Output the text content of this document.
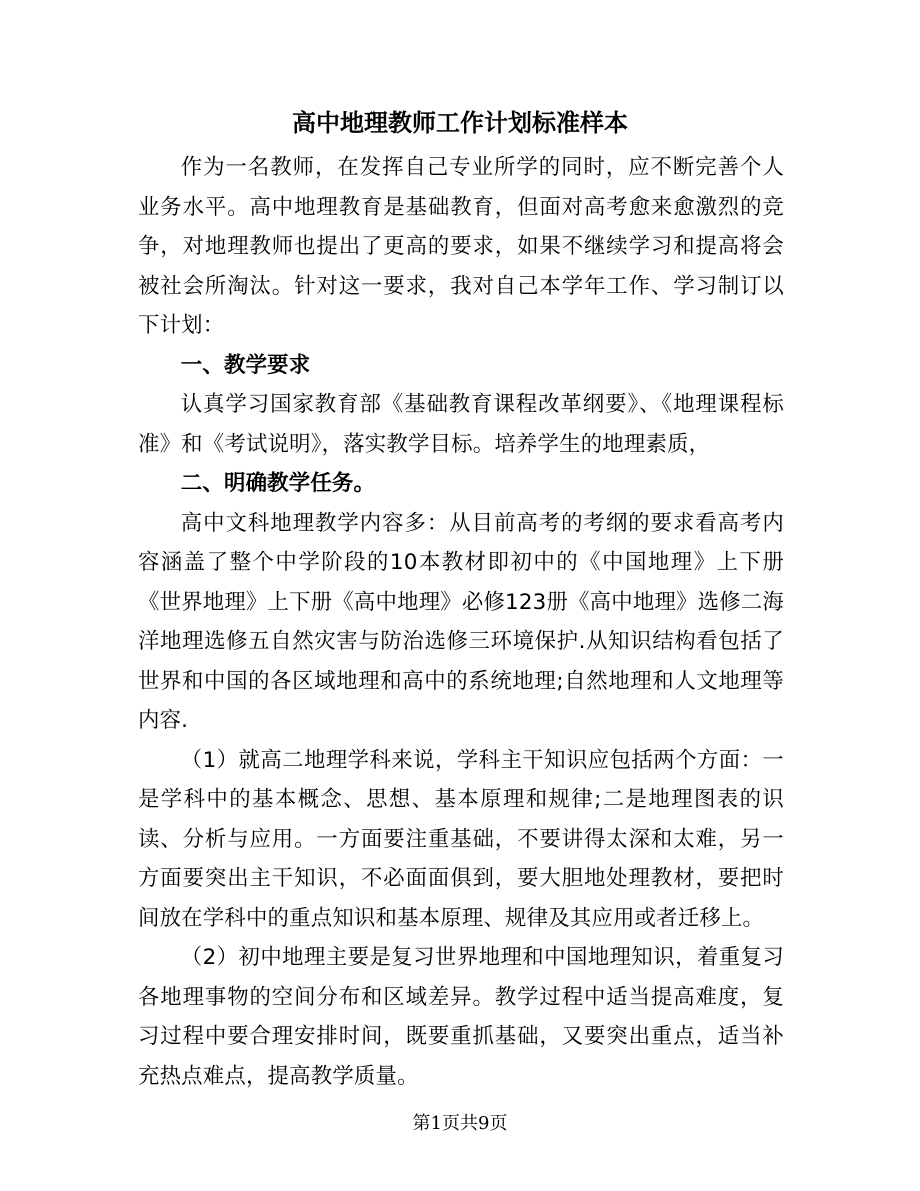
高中地理教师工作计划标准样本

作为一名教师，在发挥自己专业所学的同时，应不断完善个人业务水平。高中地理教育是基础教育，但面对高考愈来愈激烈的竞争，对地理教师也提出了更高的要求，如果不继续学习和提高将会被社会所淘汰。针对这一要求，我对自己本学年工作、学习制订以下计划：

一、教学要求

认真学习国家教育部《基础教育课程改革纲要》、《地理课程标准》和《考试说明》，落实教学目标。培养学生的地理素质，

二、明确教学任务。

高中文科地理教学内容多：从目前高考的考纲的要求看高考内容涵盖了整个中学阶段的10本教材即初中的《中国地理》上下册《世界地理》上下册《高中地理》必修123册《高中地理》选修二海洋地理选修五自然灾害与防治选修三环境保护.从知识结构看包括了世界和中国的各区域地理和高中的系统地理;自然地理和人文地理等内容.

（1）就高二地理学科来说，学科主干知识应包括两个方面：一是学科中的基本概念、思想、基本原理和规律;二是地理图表的识读、分析与应用。一方面要注重基础，不要讲得太深和太难，另一方面要突出主干知识，不必面面俱到，要大胆地处理教材，要把时间放在学科中的重点知识和基本原理、规律及其应用或者迁移上。

（2）初中地理主要是复习世界地理和中国地理知识，着重复习各地理事物的空间分布和区域差异。教学过程中适当提高难度，复习过程中要合理安排时间，既要重抓基础，又要突出重点，适当补充热点难点，提高教学质量。

第1页共9页
